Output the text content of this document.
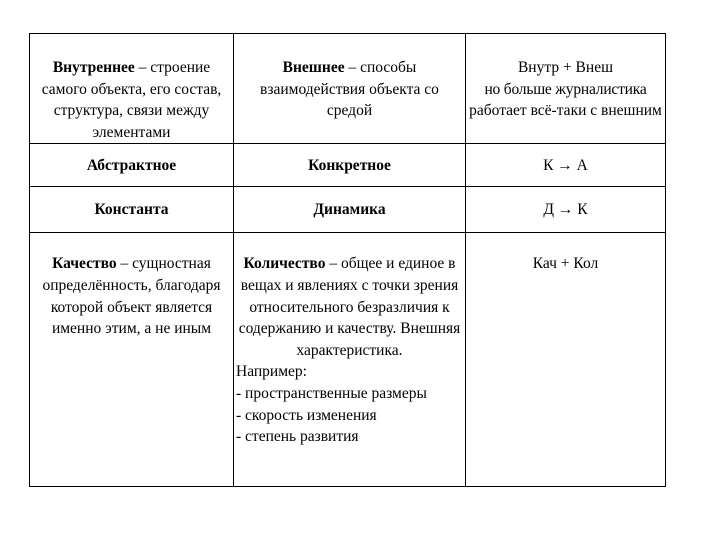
Внутреннее – строение самого объекта, его состав, структура, связи между элементами	Внешнее – способы взаимодействия объекта со средой	Внутр + Внеш
но больше журналистика
работает всё-таки с внешним

Абстрактное	Конкретное	К → А
Константа	Динамика	Д → К
Качество – сущностная определённость, благодаря которой объект является именно этим, а не иным	Количество – общее и единое в вещах и явлениях с точки зрения относительного безразличия к содержанию и качеству. Внешняя характеристика.
Например:
- пространственные размеры
- скорость изменения
- степень развития	Кач + Кол
